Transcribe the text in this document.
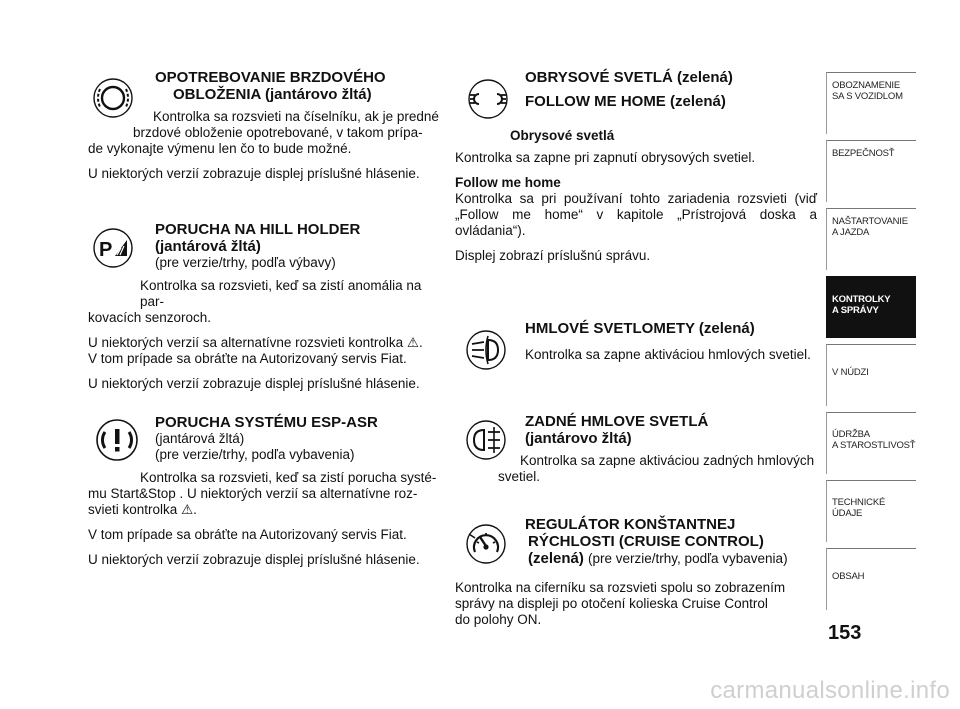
OPOTREBOVANIE BRZDOVÉHO
OBLOŽENIA (jantárovo žltá)
Kontrolka sa rozsvieti na číselníku, ak je predné
brzdové obloženie opotrebované, v takom prípa-
de vykonajte výmenu len čo to bude možné.
U niektorých verzií zobrazuje displej príslušné hlásenie.
P
PORUCHA NA HILL HOLDER
(jantárová žltá)
(pre verzie/trhy, podľa výbavy)
Kontrolka sa rozsvieti, keď sa zistí anomália na par-
kovacích senzoroch.
U niektorých verzií sa alternatívne rozsvieti kontrolka ⚠.
V tom prípade sa obráťte na Autorizovaný servis Fiat.
U niektorých verzií zobrazuje displej príslušné hlásenie.
PORUCHA SYSTÉMU ESP-ASR
(jantárová žltá)
(pre verzie/trhy, podľa vybavenia)
Kontrolka sa rozsvieti, keď sa zistí porucha systé-
mu Start&Stop . U niektorých verzií sa alternatívne roz-
svieti kontrolka ⚠.
V tom prípade sa obráťte na Autorizovaný servis Fiat.
U niektorých verzií zobrazuje displej príslušné hlásenie.
OBRYSOVÉ SVETLÁ (zelená)
FOLLOW ME HOME (zelená)
Obrysové svetlá
Kontrolka sa zapne pri zapnutí obrysových svetiel.
Follow me home
Kontrolka sa pri používaní tohto zariadenia rozsvieti (viď „Follow me home“ v kapitole „Prístrojová doska a ovládania“).
Displej zobrazí príslušnú správu.
HMLOVÉ SVETLOMETY (zelená)
Kontrolka sa zapne aktiváciou hmlových svetiel.
ZADNÉ HMLOVE SVETLÁ
(jantárovo žltá)
Kontrolka sa zapne aktiváciou zadných hmlových
svetiel.
REGULÁTOR KONŠTANTNEJ
RÝCHLOSTI (CRUISE CONTROL)
(zelená) (pre verzie/trhy, podľa vybavenia)
Kontrolka na ciferníku sa rozsvieti spolu so zobrazením
správy na displeji po otočení kolieska Cruise Control
do polohy ON.
OBOZNAMENIE
SA S VOZIDLOM
BEZPEČNOSŤ
NAŠTARTOVANIE
A JAZDA
KONTROLKY
A SPRÁVY
V NÚDZI
ÚDRŽBA
A STAROSTLIVOSŤ
TECHNICKÉ
ÚDAJE
OBSAH
153
carmanualsonline.info
